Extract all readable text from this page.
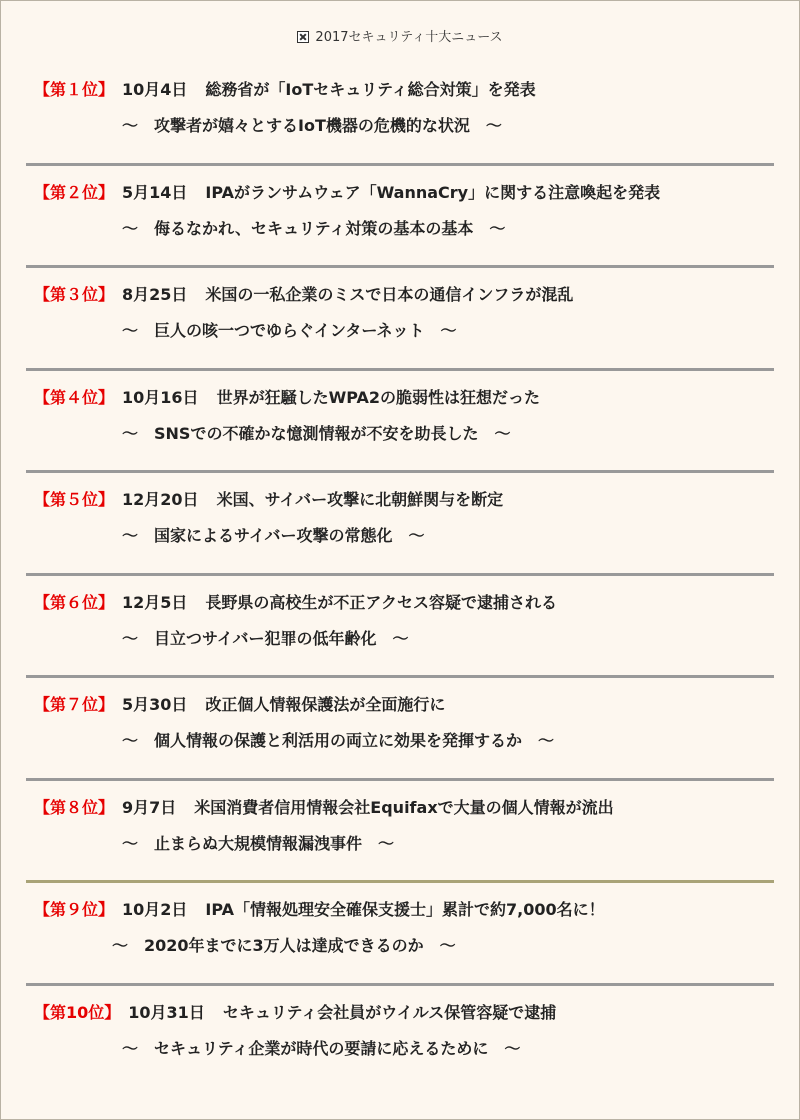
2017セキュリティ十大ニュース
【第１位】 10月4日 総務省が「IoTセキュリティ総合対策」を発表
～　攻撃者が嬉々とするIoT機器の危機的な状況　～
【第２位】 5月14日 IPAがランサムウェア「WannaCry」に関する注意喚起を発表
～　侮るなかれ、セキュリティ対策の基本の基本　～
【第３位】 8月25日 米国の一私企業のミスで日本の通信インフラが混乱
～　巨人の咳一つでゆらぐインターネット　～
【第４位】 10月16日 世界が狂騒したWPA2の脆弱性は狂想だった
～　SNSでの不確かな憶測情報が不安を助長した　～
【第５位】 12月20日 米国、サイバー攻撃に北朝鮮関与を断定
～　国家によるサイバー攻撃の常態化　～
【第６位】 12月5日 長野県の高校生が不正アクセス容疑で逮捕される
～　目立つサイバー犯罪の低年齢化　～
【第７位】 5月30日 改正個人情報保護法が全面施行に
～　個人情報の保護と利活用の両立に効果を発揮するか　～
【第８位】 9月7日 米国消費者信用情報会社Equifaxで大量の個人情報が流出
～　止まらぬ大規模情報漏洩事件　～
【第９位】 10月2日 IPA「情報処理安全確保支援士」累計で約7,000名に！
～　2020年までに3万人は達成できるのか　～
【第10位】 10月31日 セキュリティ会社員がウイルス保管容疑で逮捕
～　セキュリティ企業が時代の要請に応えるために　～
